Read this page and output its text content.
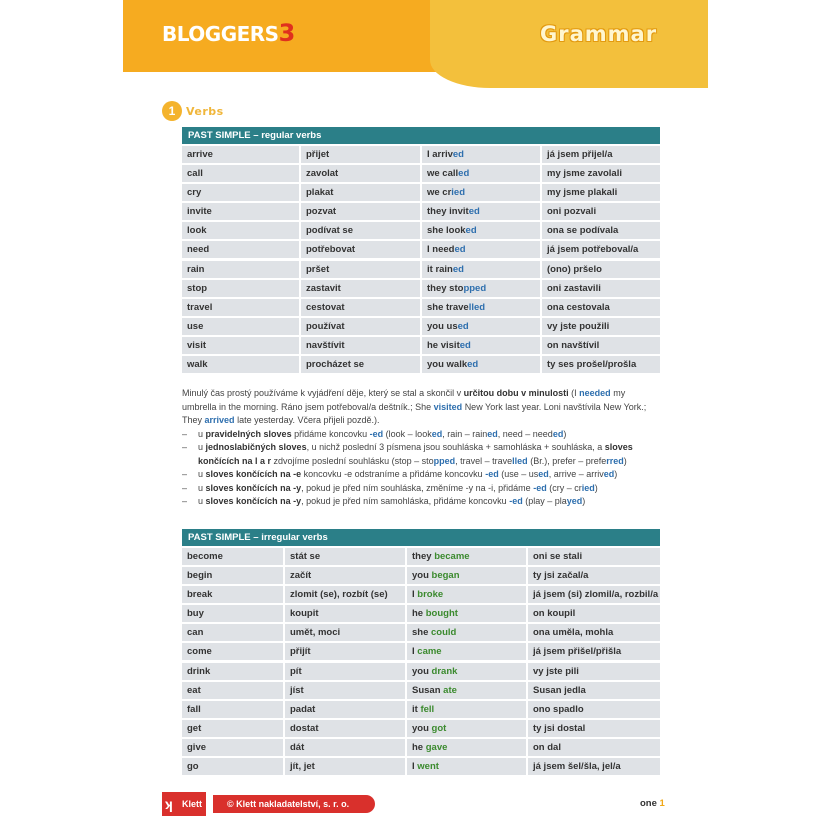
BLOGGERS3	Grammar
1 Verbs
PAST SIMPLE – regular verbs
arrive	přijet	I arrived	já jsem přijel/a
call	zavolat	we called	my jsme zavolali
cry	plakat	we cried	my jsme plakali
invite	pozvat	they invited	oni pozvali
look	podívat se	she looked	ona se podívala
need	potřebovat	I needed	já jsem potřeboval/a
rain	pršet	it rained	(ono) pršelo
stop	zastavit	they stopped	oni zastavili
travel	cestovat	she travelled	ona cestovala
use	používat	you used	vy jste použili
visit	navštívit	he visited	on navštívil
walk	procházet se	you walked	ty ses prošel/prošla

Minulý čas prostý používáme k vyjádření děje, který se stal a skončil v určitou dobu v minulosti (I needed my umbrella in the morning. Ráno jsem potřeboval/a deštník.; She visited New York last year. Loni navštívila New York.; They arrived late yesterday. Včera přijeli pozdě.).

–	u pravidelných sloves přidáme koncovku -ed (look – looked, rain – rained, need – needed)
–	u jednoslabičných sloves, u nichž poslední 3 písmena jsou souhláska + samohláska + souhláska, a sloves končících na l a r zdvojíme poslední souhlásku (stop – stopped, travel – travelled (Br.), prefer – preferred)
–	u sloves končících na -e koncovku -e odstraníme a přidáme koncovku -ed (use – used, arrive – arrived)
–	u sloves končících na -y, pokud je před ním souhláska, změníme -y na -i, přidáme -ed (cry – cried)
–	u sloves končících na -y, pokud je před ním samohláska, přidáme koncovku -ed (play – played)
PAST SIMPLE – irregular verbs
become	stát se	they became	oni se stali
begin	začít	you began	ty jsi začal/a
break	zlomit (se), rozbít (se)	I broke	já jsem (si) zlomil/a, rozbil/a
buy	koupit	he bought	on koupil
can	umět, moci	she could	ona uměla, mohla
come	přijít	I came	já jsem přišel/přišla
drink	pít	you drank	vy jste pili
eat	jíst	Susan ate	Susan jedla
fall	padat	it fell	ono spadlo
get	dostat	you got	ty jsi dostal
give	dát	he gave	on dal
go	jít, jet	I went	já jsem šel/šla, jel/a
ʞ Klett	© Klett nakladatelství, s. r. o.	one 1
